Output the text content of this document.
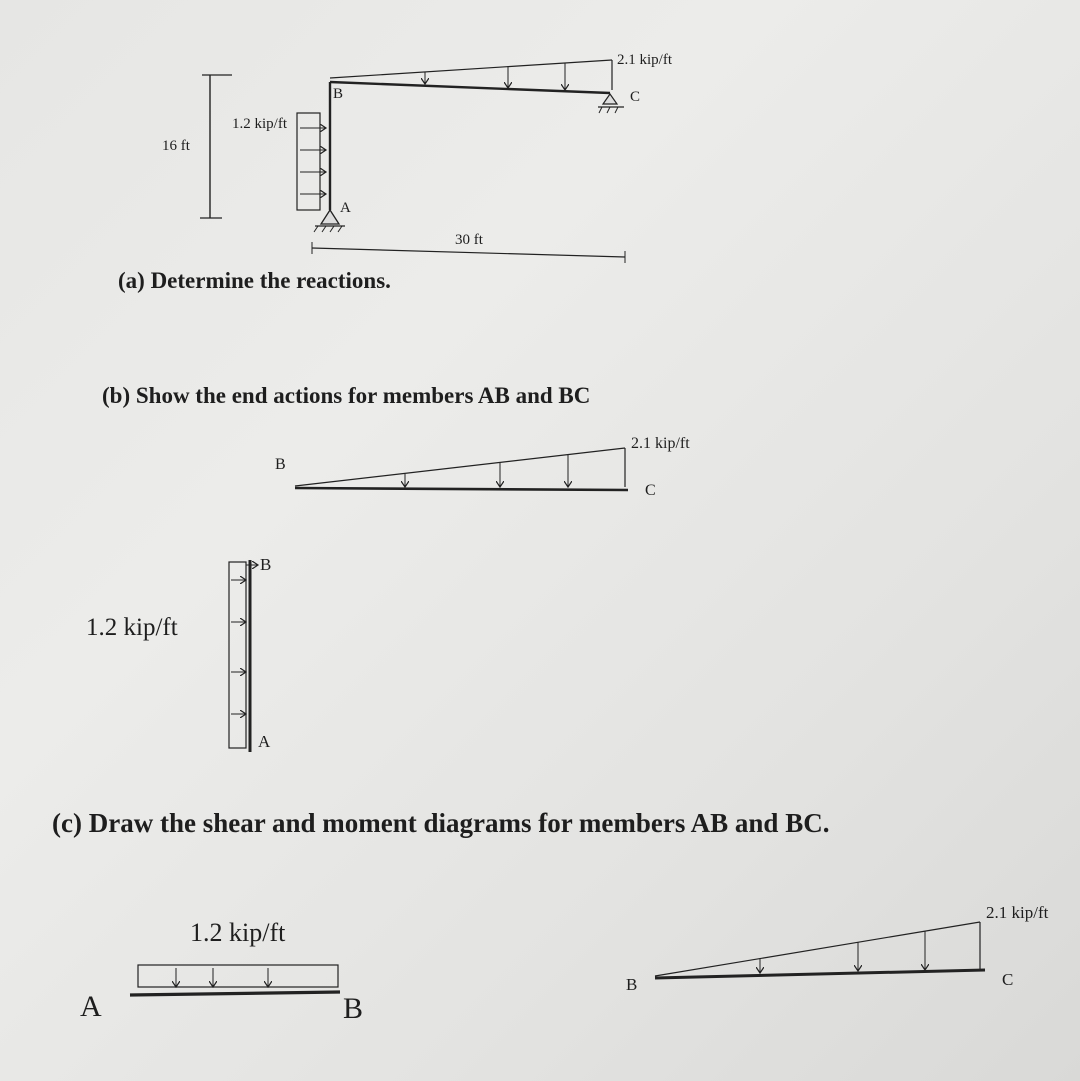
2.1 kip/ft
1.2 kip/ft
16 ft
30 ft
A
B	C
(a) Determine the reactions.
(b) Show the end actions for members AB and BC
2.1 kip/ft
B
C
1.2 kip/ft
B
A
(c) Draw the shear and moment diagrams for members AB and BC.
1.2 kip/ft
A	B
2.1 kip/ft
B	C
